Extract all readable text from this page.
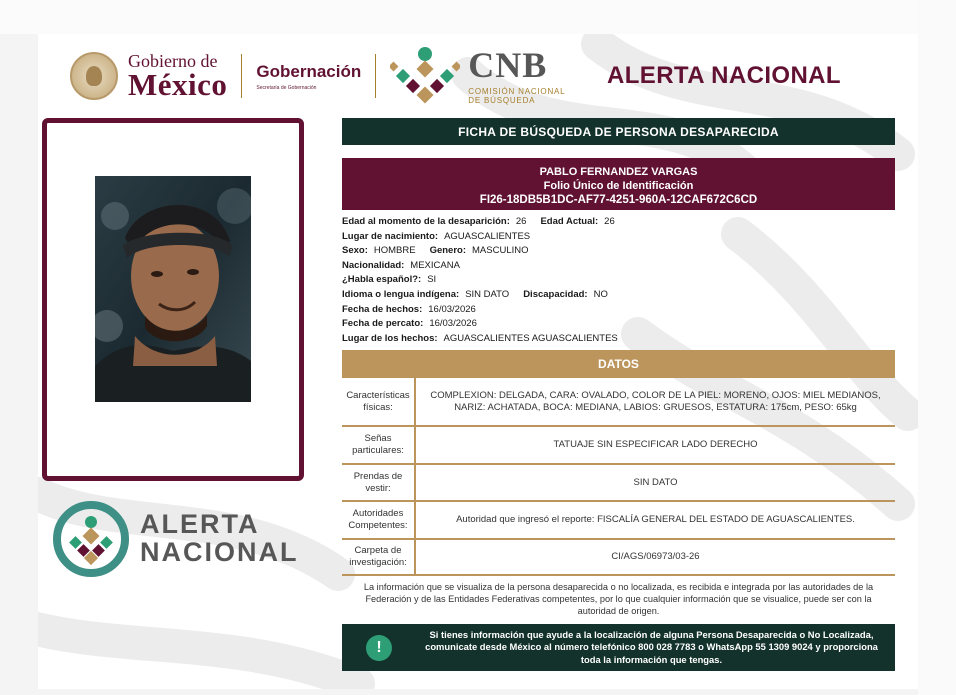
Gobierno de
México Gobernación
Secretaría de Gobernación
CNB
COMISIÓN NACIONAL
DE BÚSQUEDA
ALERTA NACIONAL
ALERTA
NACIONAL
FICHA DE BÚSQUEDA DE PERSONA DESAPARECIDA
PABLO FERNANDEZ VARGAS
Folio Único de Identificación
FI26-18DB5B1DC-AF77-4251-960A-12CAF672C6CD
Edad al momento de la desaparición: 26 Edad Actual: 26
Lugar de nacimiento: AGUASCALIENTES
Sexo: HOMBRE Genero: MASCULINO
Nacionalidad: MEXICANA
¿Habla español?: SI
Idioma o lengua indígena: SIN DATO Discapacidad: NO
Fecha de hechos: 16/03/2026
Fecha de percato: 16/03/2026
Lugar de los hechos: AGUASCALIENTES AGUASCALIENTES
DATOS
Características físicas:
COMPLEXION: DELGADA, CARA: OVALADO, COLOR DE LA PIEL: MORENO, OJOS: MIEL MEDIANOS, NARIZ: ACHATADA, BOCA: MEDIANA, LABIOS: GRUESOS, ESTATURA: 175cm, PESO: 65kg
Señas particulares:
TATUAJE SIN ESPECIFICAR LADO DERECHO
Prendas de vestir:
SIN DATO
Autoridades Competentes:
Autoridad que ingresó el reporte: FISCALÍA GENERAL DEL ESTADO DE AGUASCALIENTES.
Carpeta de investigación:
CI/AGS/06973/03-26
La información que se visualiza de la persona desaparecida o no localizada, es recibida e integrada por las autoridades de la Federación y de las Entidades Federativas competentes, por lo que cualquier información que se visualice, puede ser con la autoridad de origen.
!
Si tienes información que ayude a la localización de alguna Persona Desaparecida o No Localizada, comunicate desde México al número telefónico 800 028 7783 o WhatsApp 55 1309 9024 y proporciona toda la información que tengas.
